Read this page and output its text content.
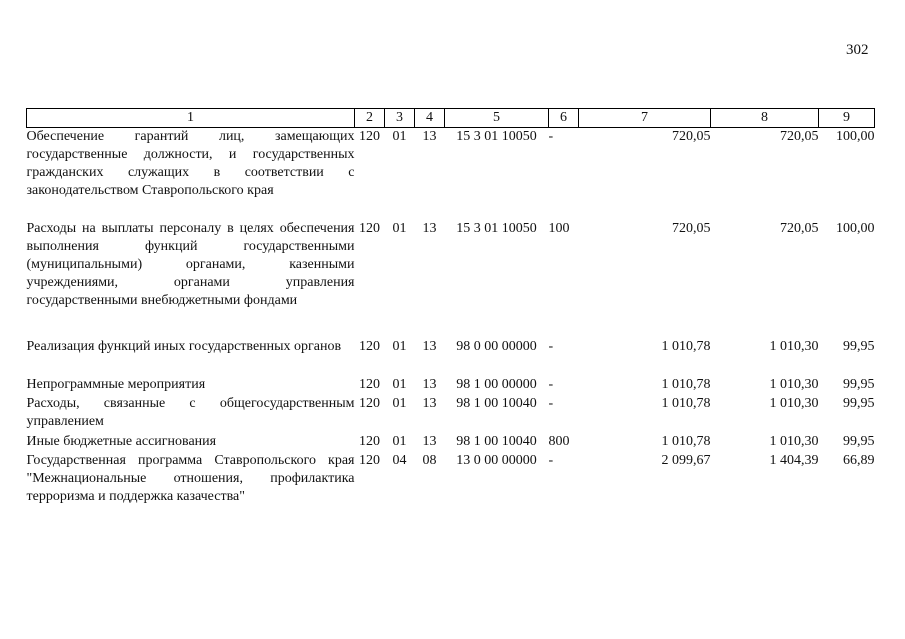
302
1	2	3	4	5	6	7	8	9
Обеспечение гарантий лиц, замещающих государственные должности, и государственных гражданских служащих в соответствии с законодательством Ставропольского края	120	01	13	15 3 01 10050	-	720,05	720,05	100,00
Расходы на выплаты персоналу в целях обеспечения выполнения функций государственными (муниципальными) органами, казенными учреждениями, органами управления государственными внебюджетными фондами	120	01	13	15 3 01 10050	100	720,05	720,05	100,00
Реализация функций иных государственных органов	120	01	13	98 0 00 00000	-	1 010,78	1 010,30	99,95
Непрограммные мероприятия	120	01	13	98 1 00 00000	-	1 010,78	1 010,30	99,95
Расходы, связанные с общегосударственным управлением	120	01	13	98 1 00 10040	-	1 010,78	1 010,30	99,95
Иные бюджетные ассигнования	120	01	13	98 1 00 10040	800	1 010,78	1 010,30	99,95
Государственная программа Ставропольского края "Межнациональные отношения, профилактика терроризма и поддержка казачества"	120	04	08	13 0 00 00000	-	2 099,67	1 404,39	66,89
